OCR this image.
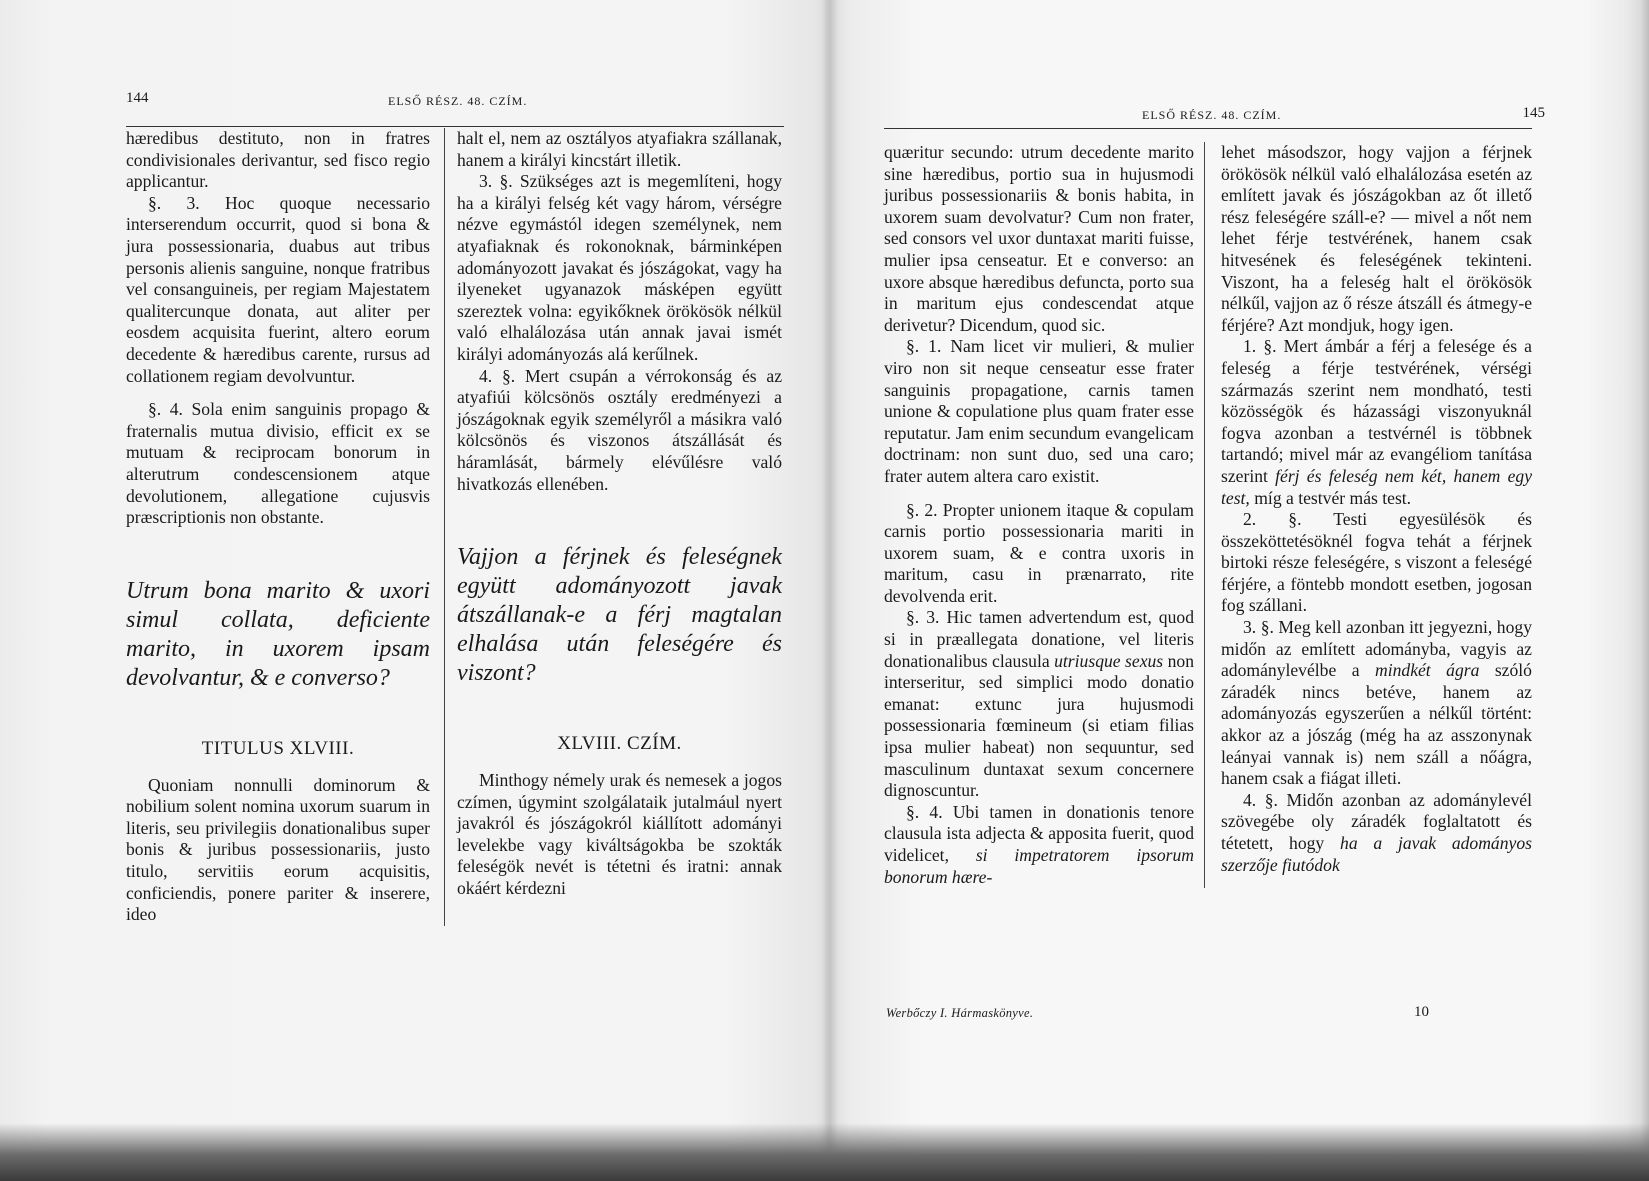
144	ELSŐ RÉSZ. 48. CZÍM.

hæredibus destituto, non in fratres condivisionales derivantur, sed fisco regio applicantur.

§. 3. Hoc quoque necessario interserendum occurrit, quod si bona & jura possessionaria, duabus aut tribus personis alienis sanguine, nonque fratribus vel consanguineis, per regiam Majestatem qualitercunque donata, aut aliter per eosdem acquisita fuerint, altero eorum decedente & hæredibus carente, rursus ad collationem regiam devolvuntur.

§. 4. Sola enim sanguinis propago & fraternalis mutua divisio, efficit ex se mutuam & reciprocam bonorum in alterutrum condescensionem atque devolutionem, allegatione cujusvis præscriptionis non obstante.

Utrum bona marito & uxori simul collata, deficiente marito, in uxorem ipsam devolvantur, & e converso?

TITULUS XLVIII.

Quoniam nonnulli dominorum & nobilium solent nomina uxorum suarum in literis, seu privilegiis donationalibus super bonis & juribus possessionariis, justo titulo, servitiis eorum acquisitis, conficiendis, ponere pariter & inserere, ideo

halt el, nem az osztályos atyafiakra szállanak, hanem a királyi kincstárt illetik.

3. §. Szükséges azt is megemlíteni, hogy ha a királyi felség két vagy három, vérségre nézve egymástól idegen személynek, nem atyafiaknak és rokonoknak, bárminképen adományozott javakat és jószágokat, vagy ha ilyeneket ugyanazok másképen együtt szereztek volna: egyikőknek örökösök nélkül való elhalálozása után annak javai ismét királyi adományozás alá kerűlnek.

4. §. Mert csupán a vérrokonság és az atyafiúi kölcsönös osztály eredményezi a jószágoknak egyik személyről a másikra való kölcsönös és viszonos átszállását és háramlását, bármely elévűlésre való hivatkozás ellenében.

Vajjon a férjnek és feleségnek együtt adományozott javak átszállanak-e a férj magtalan elhalása után feleségére és viszont?

XLVIII. CZÍM.

Minthogy némely urak és nemesek a jogos czímen, úgymint szolgálataik jutalmául nyert javakról és jószágokról kiállított adományi levelekbe vagy kiváltságokba be szokták feleségök nevét is tétetni és iratni: annak okáért kérdezni

ELSŐ RÉSZ. 48. CZÍM.	145

quæritur secundo: utrum decedente marito sine hæredibus, portio sua in hujusmodi juribus possessionariis & bonis habita, in uxorem suam devolvatur? Cum non frater, sed consors vel uxor duntaxat mariti fuisse, mulier ipsa censeatur. Et e converso: an uxore absque hæredibus defuncta, porto sua in maritum ejus condescendat atque derivetur? Dicendum, quod sic.

§. 1. Nam licet vir mulieri, & mulier viro non sit neque censeatur esse frater sanguinis propagatione, carnis tamen unione & copulatione plus quam frater esse reputatur. Jam enim secundum evangelicam doctrinam: non sunt duo, sed una caro; frater autem altera caro existit.

§. 2. Propter unionem itaque & copulam carnis portio possessionaria mariti in uxorem suam, & e contra uxoris in maritum, casu in prænarrato, rite devolvenda erit.

§. 3. Hic tamen advertendum est, quod si in præallegata donatione, vel literis donationalibus clausula utriusque sexus non interseritur, sed simplici modo donatio emanat: extunc jura hujusmodi possessionaria fœmineum (si etiam filias ipsa mulier habeat) non sequuntur, sed masculinum duntaxat sexum concernere dignoscuntur.

§. 4. Ubi tamen in donationis tenore clausula ista adjecta & apposita fuerit, quod videlicet, si impetratorem ipsorum bonorum hære-

lehet másodszor, hogy vajjon a férjnek örökösök nélkül való elhalálozása esetén az említett javak és jószágokban az őt illető rész feleségére száll-e? — mivel a nőt nem lehet férje testvérének, hanem csak hitvesének és feleségének tekinteni. Viszont, ha a feleség halt el örökösök nélkűl, vajjon az ő része átszáll és átmegy-e férjére? Azt mondjuk, hogy igen.

1. §. Mert ámbár a férj a felesége és a feleség a férje testvérének, vérségi származás szerint nem mondható, testi közösségök és házassági viszonyuknál fogva azonban a testvérnél is többnek tartandó; mivel már az evangéliom tanítása szerint férj és feleség nem két, hanem egy test, míg a testvér más test.

2. §. Testi egyesülésök és összeköttetésöknél fogva tehát a férjnek birtoki része feleségére, s viszont a feleségé férjére, a föntebb mondott esetben, jogosan fog szállani.

3. §. Meg kell azonban itt jegyezni, hogy midőn az említett adományba, vagyis az adománylevélbe a mindkét ágra szóló záradék nincs betéve, hanem az adományozás egyszerűen a nélkűl történt: akkor az a jószág (még ha az asszonynak leányai vannak is) nem száll a nőágra, hanem csak a fiágat illeti.

4. §. Midőn azonban az adománylevél szövegébe oly záradék foglaltatott és tétetett, hogy ha a javak adományos szerzője fiutódok

Werbőczy I. Hármaskönyve.	10
